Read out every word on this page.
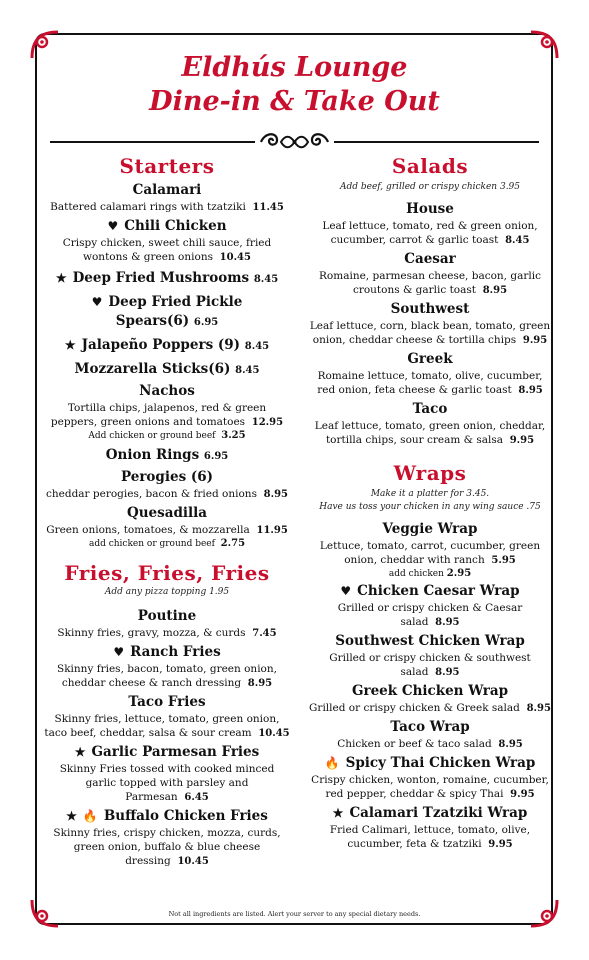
Eldhús Lounge
Dine-in & Take Out
Starters
Calamari
Battered calamari rings with tzatziki 11.45
♥ Chili Chicken
Crispy chicken, sweet chili sauce, fried wontons & green onions 10.45
★ Deep Fried Mushrooms 8.45
♥ Deep Fried Pickle Spears(6) 6.95
★ Jalapeño Poppers (9) 8.45
Mozzarella Sticks(6) 8.45
Nachos
Tortilla chips, jalapenos, red & green peppers, green onions and tomatoes 12.95
Add chicken or ground beef 3.25
Onion Rings 6.95
Perogies (6)
cheddar perogies, bacon & fried onions 8.95
Quesadilla
Green onions, tomatoes, & mozzarella 11.95
add chicken or ground beef 2.75
Fries, Fries, Fries
Add any pizza topping 1.95
Poutine
Skinny fries, gravy, mozza, & curds 7.45
♥ Ranch Fries
Skinny fries, bacon, tomato, green onion, cheddar cheese & ranch dressing 8.95
Taco Fries
Skinny fries, lettuce, tomato, green onion, taco beef, cheddar, salsa & sour cream 10.45
★ Garlic Parmesan Fries
Skinny Fries tossed with cooked minced garlic topped with parsley and Parmesan 6.45
★ 🔥 Buffalo Chicken Fries
Skinny fries, crispy chicken, mozza, curds, green onion, buffalo & blue cheese dressing 10.45
Salads
Add beef, grilled or crispy chicken 3.95
House
Leaf lettuce, tomato, red & green onion, cucumber, carrot & garlic toast 8.45
Caesar
Romaine, parmesan cheese, bacon, garlic croutons & garlic toast 8.95
Southwest
Leaf lettuce, corn, black bean, tomato, green onion, cheddar cheese & tortilla chips 9.95
Greek
Romaine lettuce, tomato, olive, cucumber, red onion, feta cheese & garlic toast 8.95
Taco
Leaf lettuce, tomato, green onion, cheddar, tortilla chips, sour cream & salsa 9.95
Wraps
Make it a platter for 3.45.
Have us toss your chicken in any wing sauce .75
Veggie Wrap
Lettuce, tomato, carrot, cucumber, green onion, cheddar with ranch 5.95
add chicken 2.95
♥ Chicken Caesar Wrap
Grilled or crispy chicken & Caesar salad 8.95
Southwest Chicken Wrap
Grilled or crispy chicken & southwest salad 8.95
Greek Chicken Wrap
Grilled or crispy chicken & Greek salad 8.95
Taco Wrap
Chicken or beef & taco salad 8.95
🔥 Spicy Thai Chicken Wrap
Crispy chicken, wonton, romaine, cucumber, red pepper, cheddar & spicy Thai 9.95
★ Calamari Tzatziki Wrap
Fried Calimari, lettuce, tomato, olive, cucumber, feta & tzatziki 9.95
Not all ingredients are listed. Alert your server to any special dietary needs.
